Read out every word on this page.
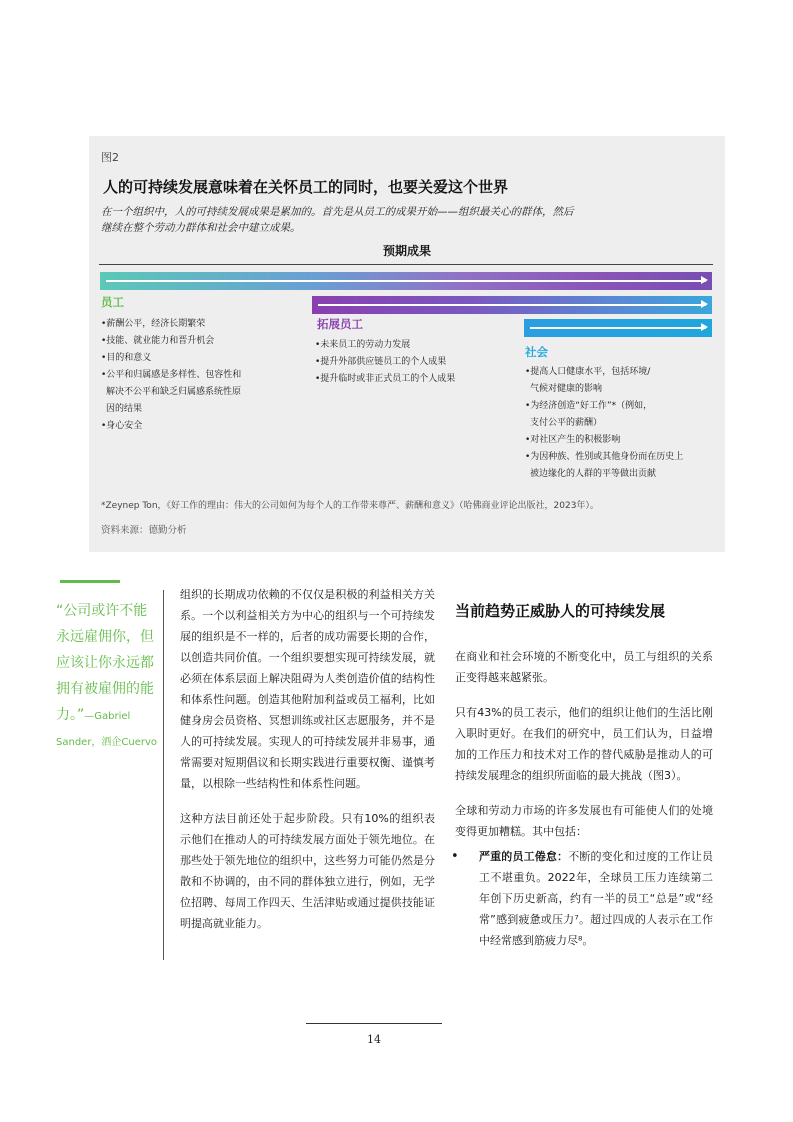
图2
人的可持续发展意味着在关怀员工的同时，也要关爱这个世界
在一个组织中，人的可持续发展成果是累加的。首先是从员工的成果开始——组织最关心的群体，然后
继续在整个劳动力群体和社会中建立成果。
预期成果
员工
•薪酬公平，经济长期繁荣
•技能、就业能力和晋升机会
•目的和意义
•公平和归属感是多样性、包容性和
解决不公平和缺乏归属感系统性原
因的结果
•身心安全
拓展员工
•未来员工的劳动力发展
•提升外部供应链员工的个人成果
•提升临时或非正式员工的个人成果
社会
•提高人口健康水平，包括环境/
气候对健康的影响
•为经济创造“好工作”*（例如，
支付公平的薪酬）
•对社区产生的积极影响
•为因种族、性别或其他身份而在历史上
被边缘化的人群的平等做出贡献
*Zeynep Ton，《好工作的理由：伟大的公司如何为每个人的工作带来尊严、薪酬和意义》（哈佛商业评论出版社，2023年）。
资料来源：德勤分析
“公司或许不能永远雇佣你，但应该让你永远都拥有被雇佣的能力。”—Gabriel Sander，酒企Cuervo

组织的长期成功依赖的不仅仅是积极的利益相关方关系。一个以利益相关方为中心的组织与一个可持续发展的组织是不一样的，后者的成功需要长期的合作，以创造共同价值。一个组织要想实现可持续发展，就必须在体系层面上解决阻碍为人类创造价值的结构性和体系性问题。创造其他附加利益或员工福利，比如健身房会员资格、冥想训练或社区志愿服务，并不是人的可持续发展。实现人的可持续发展并非易事，通常需要对短期倡议和长期实践进行重要权衡、谨慎考量，以根除一些结构性和体系性问题。

这种方法目前还处于起步阶段。只有10%的组织表示他们在推动人的可持续发展方面处于领先地位。在那些处于领先地位的组织中，这些努力可能仍然是分散和不协调的，由不同的群体独立进行，例如，无学位招聘、每周工作四天、生活津贴或通过提供技能证明提高就业能力。

当前趋势正威胁人的可持续发展

在商业和社会环境的不断变化中，员工与组织的关系正变得越来越紧张。

只有43%的员工表示，他们的组织让他们的生活比刚入职时更好。在我们的研究中，员工们认为，日益增加的工作压力和技术对工作的替代威胁是推动人的可持续发展理念的组织所面临的最大挑战（图3）。

全球和劳动力市场的许多发展也有可能使人们的处境变得更加糟糕。其中包括：

• 严重的员工倦怠：不断的变化和过度的工作让员工不堪重负。2022年，全球员工压力连续第二年创下历史新高，约有一半的员工“总是”或“经常”感到疲惫或压力⁷。超过四成的人表示在工作中经常感到筋疲力尽⁸。
14
